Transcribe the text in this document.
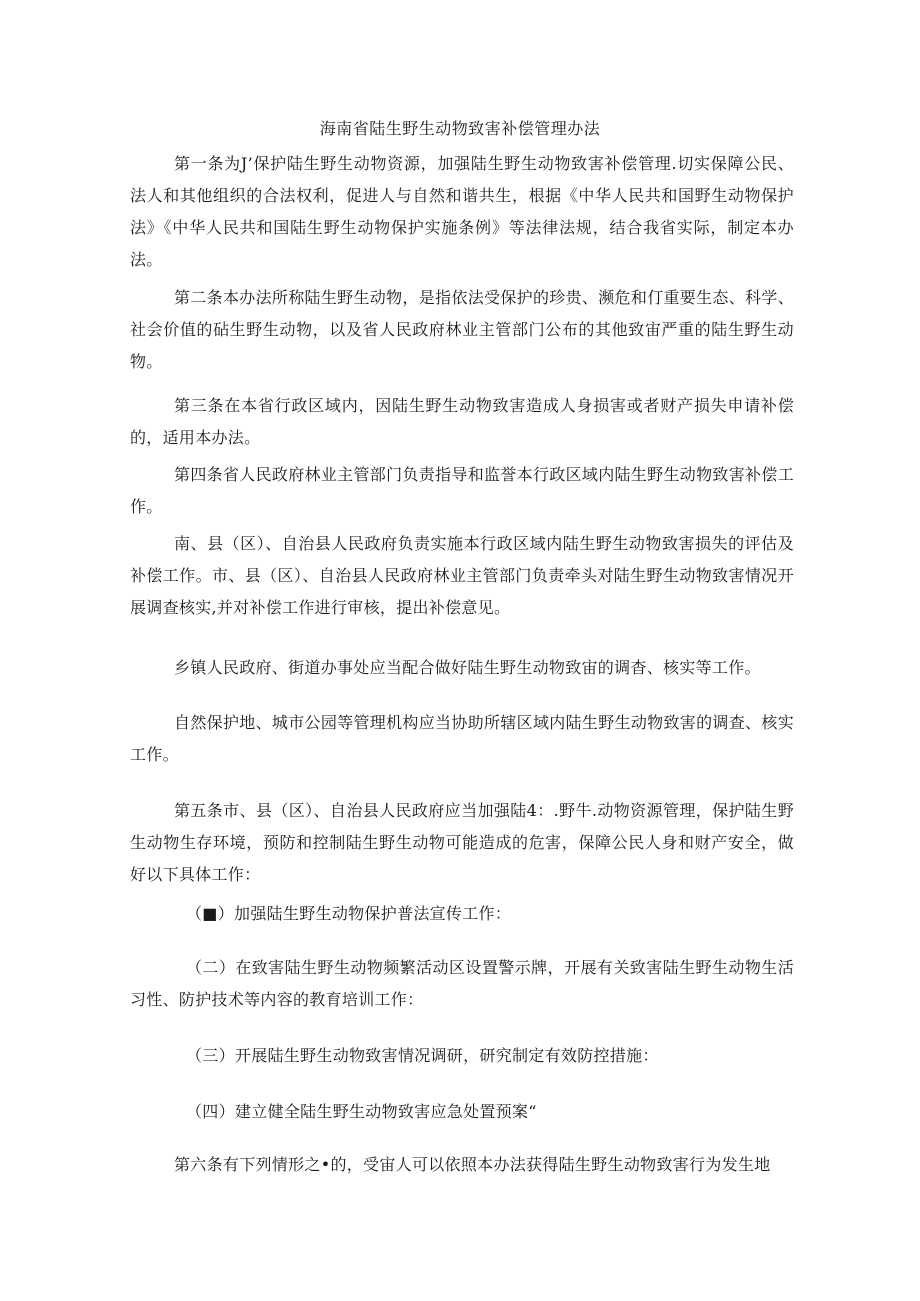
海南省陆生野生动物致害补偿管理办法

第一条为J’保护陆生野生动物资源，加强陆生野生动物致害补偿管理.切实保障公民、法人和其他组织的合法权利，促进人与自然和谐共生，根据《中华人民共和国野生动物保护法》《中华人民共和国陆生野生动物保护实施条例》等法律法规，结合我省实际，制定本办法。

第二条本办法所称陆生野生动物，是指依法受保护的珍贵、濒危和仃重要生态、科学、社会价值的砧生野生动物，以及省人民政府林业主管部门公布的其他致宙严重的陆生野生动物。

第三条在本省行政区域内，因陆生野生动物致害造成人身损害或者财产损失申请补偿的，适用本办法。

第四条省人民政府林业主管部门负责指导和监誉本行政区域内陆生野生动物致害补偿工作。

南、县（区）、自治县人民政府负责实施本行政区域内陆生野生动物致害损失的评估及补偿工作。市、县（区）、自治县人民政府林业主管部门负责牵头对陆生野生动物致害情况开展调查核实,并对补偿工作进行审核，提出补偿意见。

乡镇人民政府、街道办事处应当配合做好陆生野生动物致宙的调杳、核实等工作。

自然保护地、城市公园等管理机构应当协助所辖区域内陆生野生动物致害的调查、核实工作。

第五条市、县（区）、自治县人民政府应当加强陆4：.野牛.动物资源管理，保护陆生野生动物生存环境，预防和控制陆生野生动物可能造成的危害，保障公民人身和财产安全，做好以下具体工作：

（■）加强陆生野生动物保护普法宣传工作：

（二）在致害陆生野生动物频繁活动区设置警示牌，开展有关致害陆生野生动物生活习性、防护技术等内容的教育培训工作：

（三）开展陆生野生动物致害情况调研，研究制定有效防控措施：

（四）建立健全陆生野生动物致害应急处置预案“

第六条有下列情形之•的，受宙人可以依照本办法获得陆生野生动物致害行为发生地
